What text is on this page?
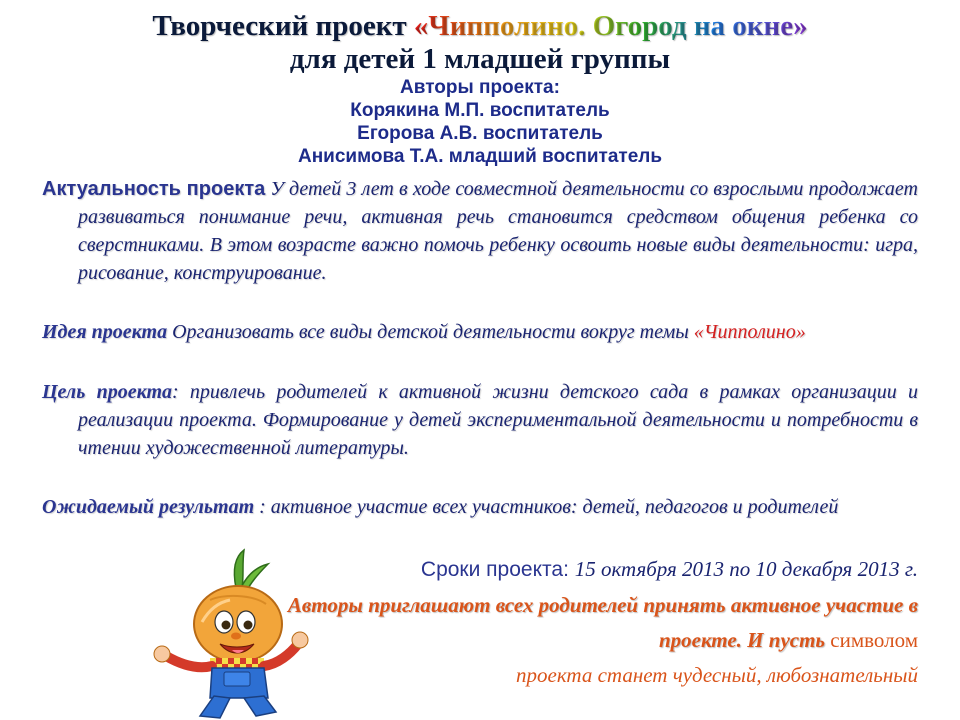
Творческий проект «Чипполино. Огород на окне»
для детей 1 младшей группы
Авторы проекта:
Корякина М.П. воспитатель
Егорова А.В. воспитатель
Анисимова Т.А. младший воспитатель
Актуальность проекта У детей 3 лет в ходе совместной деятельности со взрослыми продолжает развиваться понимание речи, активная речь становится средством общения ребенка со сверстниками. В этом возрасте важно помочь ребенку освоить новые виды деятельности: игра, рисование, конструирование.
Идея проекта Организовать все виды детской деятельности вокруг темы «Чипполино»
Цель проекта: привлечь родителей к активной жизни детского сада в рамках организации и реализации проекта. Формирование у детей экспериментальной деятельности и потребности в чтении художественной литературы.
Ожидаемый результат : активное участие всех участников: детей, педагогов и родителей
Сроки проекта: 15 октября 2013 по 10 декабря 2013 г.
Авторы приглашают всех родителей принять активное участие в проекте. И пусть символом
проекта станет чудесный, любознательный
